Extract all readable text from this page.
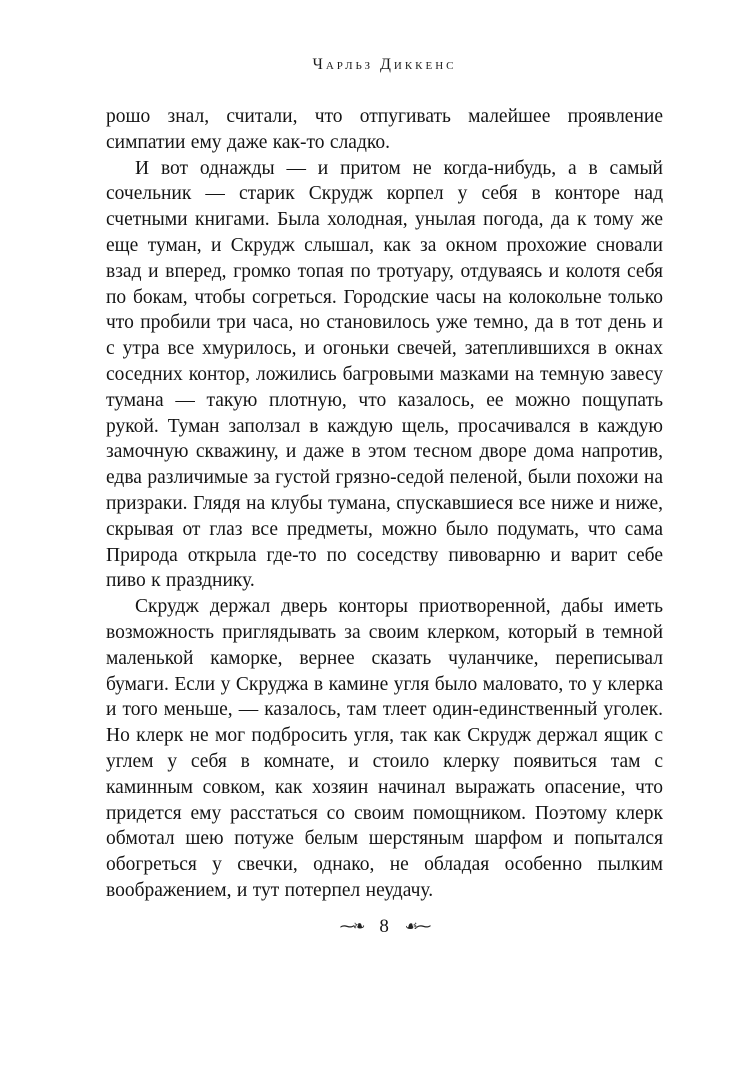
Чарльз Диккенс

рошо знал, считали, что отпугивать малейшее проявление симпатии ему даже как-то сладко.

И вот однажды — и притом не когда-нибудь, а в самый сочельник — старик Скрудж корпел у себя в конторе над счетными книгами. Была холодная, унылая погода, да к тому же еще туман, и Скрудж слышал, как за окном прохожие сновали взад и вперед, громко топая по тротуару, отдуваясь и колотя себя по бокам, чтобы согреться. Городские часы на колокольне только что пробили три часа, но становилось уже темно, да в тот день и с утра все хмурилось, и огоньки свечей, затеплившихся в окнах соседних контор, ложились багровыми мазками на темную завесу тумана — такую плотную, что казалось, ее можно пощупать рукой. Туман заползал в каждую щель, просачивался в каждую замочную скважину, и даже в этом тесном дворе дома напротив, едва различимые за густой грязно-седой пеленой, были похожи на призраки. Глядя на клубы тумана, спускавшиеся все ниже и ниже, скрывая от глаз все предметы, можно было подумать, что сама Природа открыла где-то по соседству пивоварню и варит себе пиво к празднику.

Скрудж держал дверь конторы приотворенной, дабы иметь возможность приглядывать за своим клерком, который в темной маленькой каморке, вернее сказать чуланчике, переписывал бумаги. Если у Скруджа в камине угля было маловато, то у клерка и того меньше, — казалось, там тлеет один-единственный уголек. Но клерк не мог подбросить угля, так как Скрудж держал ящик с углем у себя в комнате, и стоило клерку появиться там с каминным совком, как хозяин начинал выражать опасение, что придется ему расстаться со своим помощником. Поэтому клерк обмотал шею потуже белым шерстяным шарфом и попытался обогреться у свечки, однако, не обладая особенно пылким воображением, и тут потерпел неудачу.

⁓❧ 8 ☙⁓
